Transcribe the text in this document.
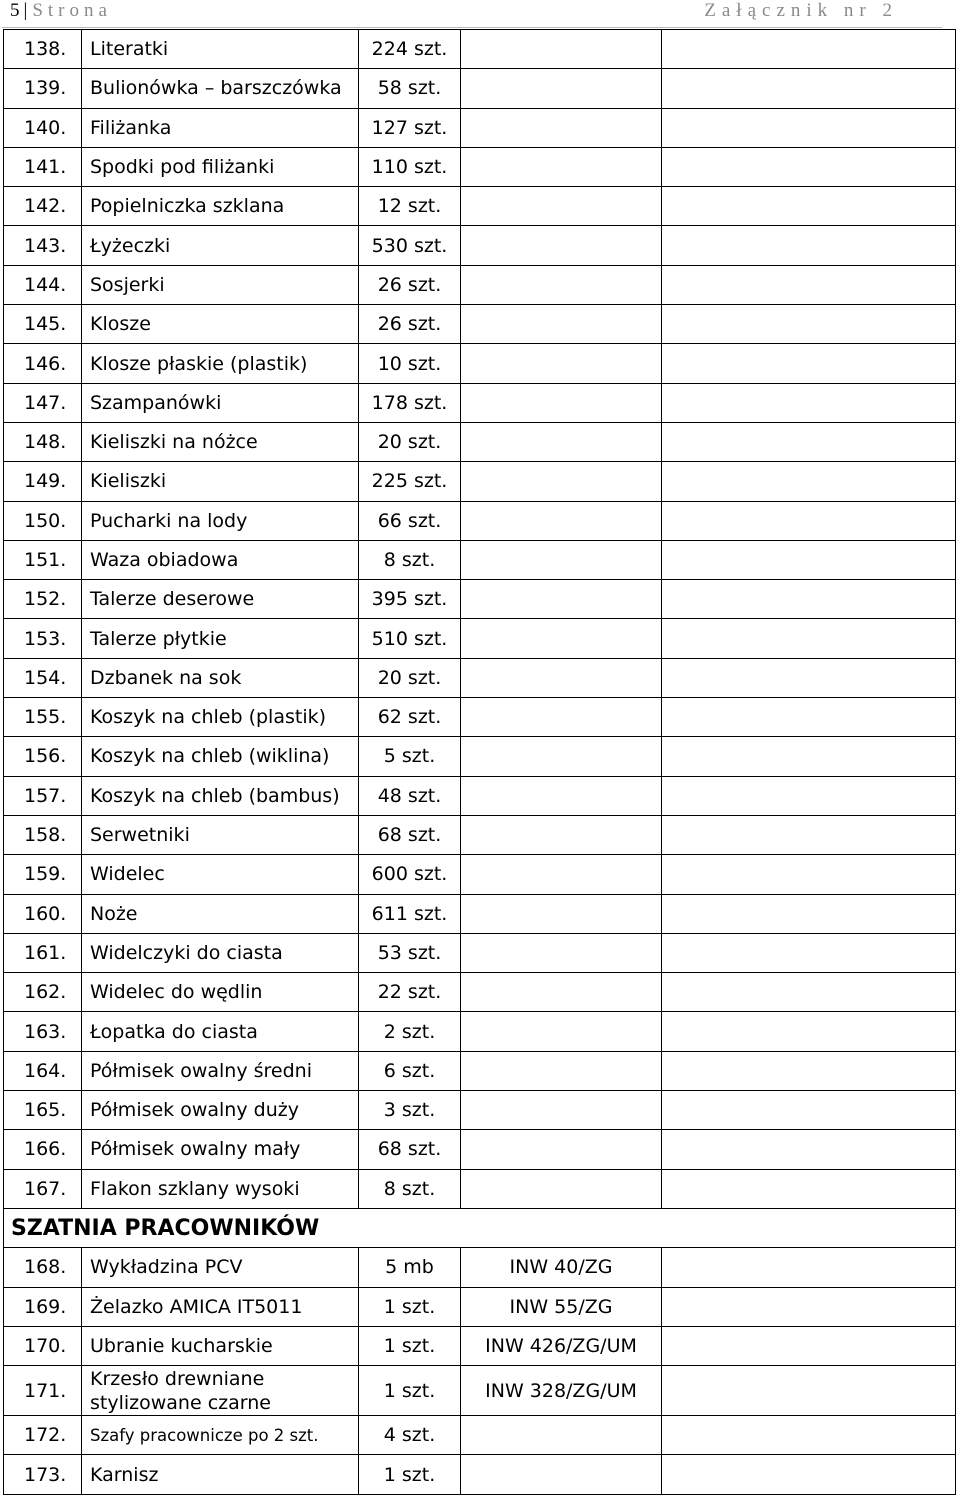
5 | Strona	Załącznik nr 2
138.	Literatki	224 szt.		
139.	Bulionówka – barszczówka	58 szt.		
140.	Filiżanka	127 szt.		
141.	Spodki pod filiżanki	110 szt.		
142.	Popielniczka szklana	12 szt.		
143.	Łyżeczki	530 szt.		
144.	Sosjerki	26 szt.		
145.	Klosze	26 szt.		
146.	Klosze płaskie (plastik)	10 szt.		
147.	Szampanówki	178 szt.		
148.	Kieliszki na nóżce	20 szt.		
149.	Kieliszki	225 szt.		
150.	Pucharki na lody	66 szt.		
151.	Waza obiadowa	8 szt.		
152.	Talerze deserowe	395 szt.		
153.	Talerze płytkie	510 szt.		
154.	Dzbanek na sok	20 szt.		
155.	Koszyk na chleb (plastik)	62 szt.		
156.	Koszyk na chleb (wiklina)	5 szt.		
157.	Koszyk na chleb (bambus)	48 szt.		
158.	Serwetniki	68 szt.		
159.	Widelec	600 szt.		
160.	Noże	611 szt.		
161.	Widelczyki do ciasta	53 szt.		
162.	Widelec do wędlin	22 szt.		
163.	Łopatka do ciasta	2 szt.		
164.	Półmisek owalny średni	6 szt.		
165.	Półmisek owalny duży	3 szt.		
166.	Półmisek owalny mały	68 szt.		
167.	Flakon szklany wysoki	8 szt.		
SZATNIA PRACOWNIKÓW				
168.	Wykładzina PCV	5 mb	INW 40/ZG	
169.	Żelazko AMICA IT5011	1 szt.	INW 55/ZG	
170.	Ubranie kucharskie	1 szt.	INW 426/ZG/UM	
171.	Krzesło drewniane stylizowane czarne	1 szt.	INW 328/ZG/UM	
172.	Szafy pracownicze po 2 szt.	4 szt.		
173.	Karnisz	1 szt.		
